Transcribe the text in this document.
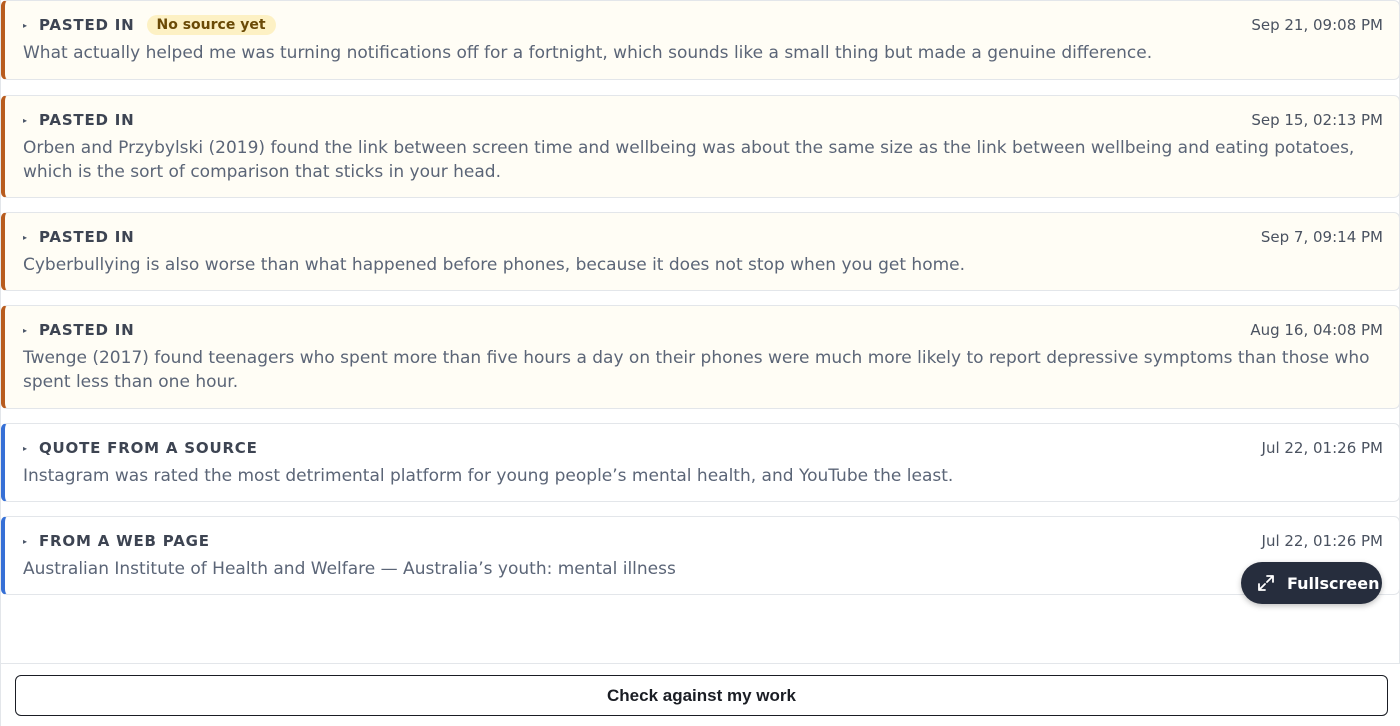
▸ PASTED IN	No source yet	Sep 21, 09:08 PM
What actually helped me was turning notifications off for a fortnight, which sounds like a small thing but made a genuine difference.
▸ PASTED IN	Sep 15, 02:13 PM
Orben and Przybylski (2019) found the link between screen time and wellbeing was about the same size as the link between wellbeing and eating potatoes, which is the sort of comparison that sticks in your head.
▸ PASTED IN	Sep 7, 09:14 PM
Cyberbullying is also worse than what happened before phones, because it does not stop when you get home.
▸ PASTED IN	Aug 16, 04:08 PM
Twenge (2017) found teenagers who spent more than five hours a day on their phones were much more likely to report depressive symptoms than those who spent less than one hour.
▸ QUOTE FROM A SOURCE	Jul 22, 01:26 PM
Instagram was rated the most detrimental platform for young people’s mental health, and YouTube the least.
▸ FROM A WEB PAGE	Jul 22, 01:26 PM
Australian Institute of Health and Welfare — Australia’s youth: mental illness
Fullscreen
Check against my work
